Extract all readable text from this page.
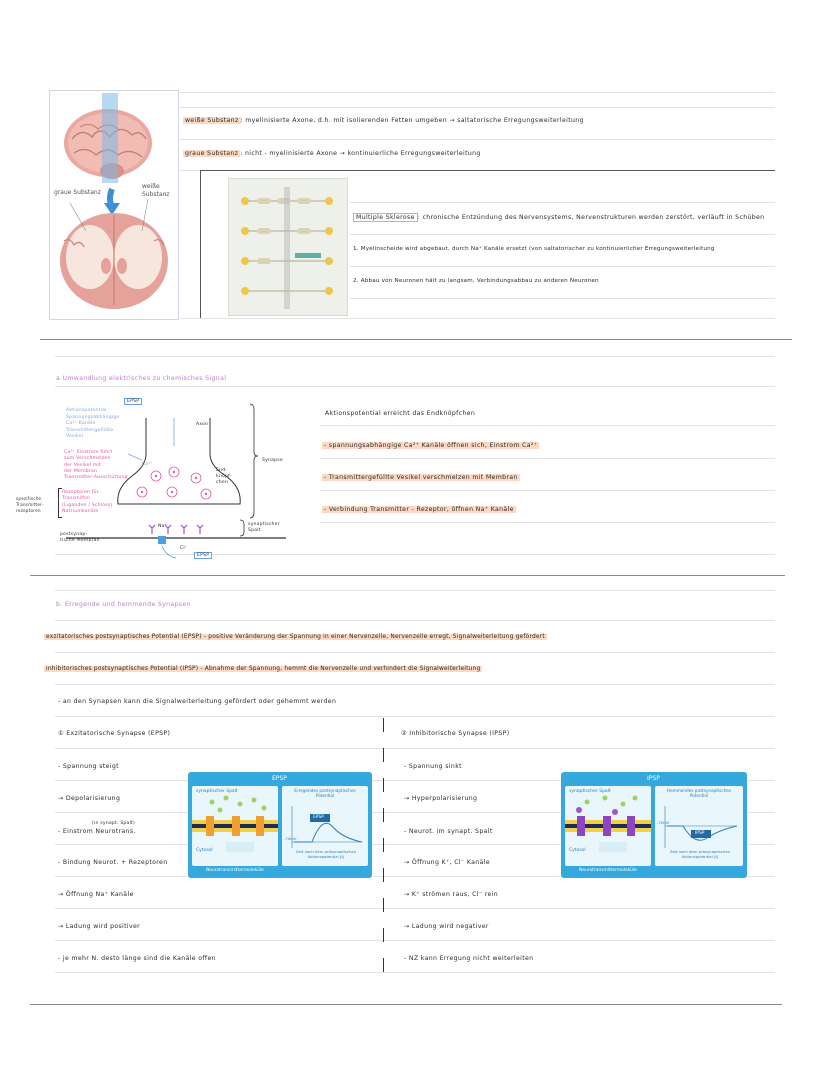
graue Substanz
weiße Substanz
weiße Substanz : myelinisierte Axone, d.h. mit isolierenden Fetten umgeben → saltatorische Erregungsweiterleitung
graue Substanz : nicht - myelinisierte Axone → kontinuierliche Erregungsweiterleitung
Multiple Sklerose : chronische Entzündung des Nervensystems, Nervenstrukturen werden zerstört, verläuft in Schüben
1. Myelinscheide wird abgebaut, durch Na⁺ Kanäle ersetzt (von saltatorischer zu kontinuierlicher Erregungsweiterleitung
2. Abbau von Neuronen hält zu langsam, Verbindungsabbau zu anderen Neuronen
a.Umwandlung elektrisches zu chemisches Signal
Aktionspotential
Spannungsabhängige
Ca²⁺ Kanäle
Transmittergefüllte
Vesikel
Ca²⁺ Einstrom führt
zum Verschmelzen
der Vesikel mit
der Membran
Transmitter-Ausschüttung
Rezeptoren für
Transmitter
(Liganden / Schloss)
Natriumkanäle
spezifische
Transmitter-
rezeptoren
EPSP
Axon
Synapse
End-knöpf-chen
synaptischer Spalt
postsynap-tische Membran
Ca²⁺
Na⁺
Cl⁻
EPSP
Aktionspotential erreicht das Endknöpfchen
- spannungsabhängige Ca²⁺ Kanäle öffnen sich, Einstrom Ca²⁺
- Transmittergefüllte Vesikel verschmelzen mit Membran
- Verbindung Transmitter - Rezeptor, öffnen Na⁺ Kanäle
b. Erregende und hemmende Synapsen
exzitatorisches postsynaptisches Potential (EPSP) - positive Veränderung der Spannung in einer Nervenzelle, Nervenzelle erregt, Signalweiterleitung gefördert
inhibitorisches postsynaptisches Potential (IPSP) - Abnahme der Spannung, hemmt die Nervenzelle und verhindert die Signalweiterleitung
- an den Synapsen kann die Signalweiterleitung gefördert oder gehemmt werden
① Exzitatorische Synapse (EPSP)
- Spannung steigt
→ Depolarisierung
(in synapt. Spalt)
- Einstrom Neurotrans.
- Bindung Neurot. + Rezeptoren
→ Öffnung Na⁺ Kanäle
→ Ladung wird positiver
- je mehr N. desto länge sind die Kanäle offen
② Inhibitorische Synapse (IPSP)
- Spannung sinkt
→ Hyperpolarisierung
- Neurot. im synapt. Spalt
→ Öffnung K⁺, Cl⁻ Kanäle
→ K⁺ strömen raus, Cl⁻ rein
→ Ladung wird negativer
- NZ kann Erregung nicht weiterleiten
EPSP
synaptischer Spalt
Cytosol
Erregendes postsynaptisches Potential
EPSP
-70mV
Zeit nach dem präsynaptischen Aktionspotential [t]
Neurotransmittermoleküle
IPSP
synaptischer Spalt
Cytosol
Hemmendes postsynaptisches Potential
IPSP
-70mV
Zeit nach dem präsynaptischen Aktionspotential [t]
Neurotransmittermoleküle
